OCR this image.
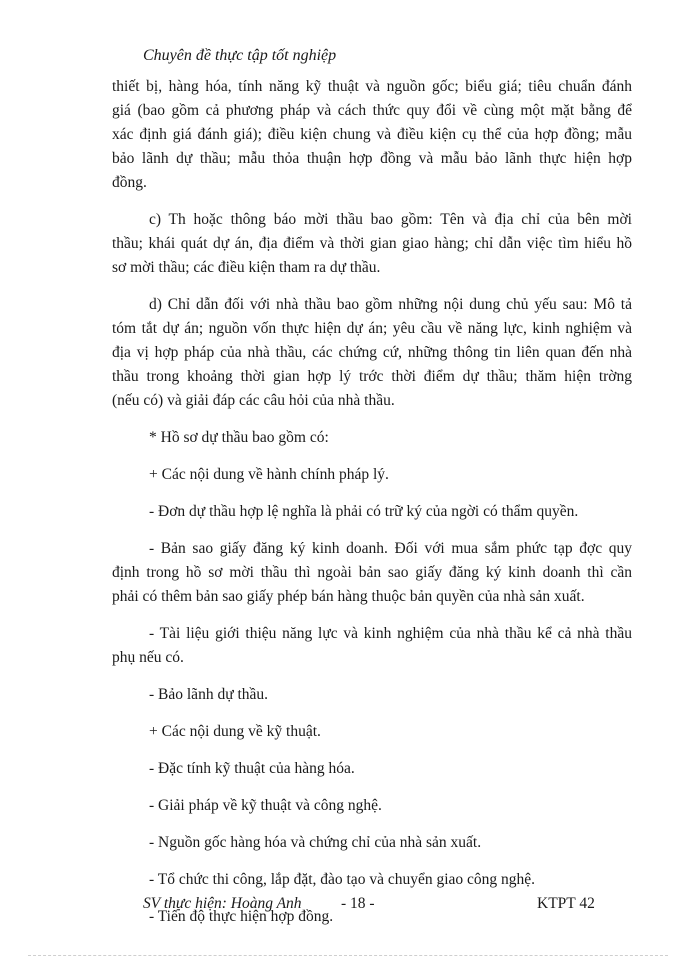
Chuyên đề thực tập tốt nghiệp

thiết bị, hàng hóa, tính năng kỹ thuật và nguồn gốc; biểu giá; tiêu chuẩn đánh
giá (bao gồm cả phương pháp và cách thức quy đổi về cùng một mặt bằng để
xác định giá đánh giá); điều kiện chung và điều kiện cụ thể của hợp đồng; mẫu
bảo lãnh dự thầu; mẫu thỏa thuận hợp đồng và mẫu bảo lãnh thực hiện hợp
đồng.

c) Th hoặc thông báo mời thầu bao gồm: Tên và địa chỉ của bên mời
thầu; khái quát dự án, địa điểm và thời gian giao hàng; chỉ dẫn việc tìm hiểu hồ
sơ mời thầu; các điều kiện tham ra dự thầu.

d) Chỉ dẫn đối với nhà thầu bao gồm những nội dung chủ yếu sau: Mô tả
tóm tắt dự án; nguồn vốn thực hiện dự án; yêu cầu về năng lực, kinh nghiệm và
địa vị hợp pháp của nhà thầu, các chứng cứ, những thông tin liên quan đến nhà
thầu trong khoảng thời gian hợp lý trớc thời điểm dự thầu; thăm hiện trờng
(nếu có) và giải đáp các câu hỏi của nhà thầu.

* Hồ sơ dự thầu bao gồm có:

+ Các nội dung về hành chính pháp lý.

- Đơn dự thầu hợp lệ nghĩa là phải có trữ ký của ngời có thẩm quyền.

- Bản sao giấy đăng ký kinh doanh. Đối với mua sắm phức tạp đợc quy
định trong hồ sơ mời thầu thì ngoài bản sao giấy đăng ký kinh doanh thì cần
phải có thêm bản sao giấy phép bán hàng thuộc bản quyền của nhà sản xuất.

- Tài liệu giới thiệu năng lực và kinh nghiệm của nhà thầu kể cả nhà thầu
phụ nếu có.

- Bảo lãnh dự thầu.

+ Các nội dung về kỹ thuật.

- Đặc tính kỹ thuật của hàng hóa.

- Giải pháp về kỹ thuật và công nghệ.

- Nguồn gốc hàng hóa và chứng chỉ của nhà sản xuất.

- Tổ chức thi công, lắp đặt, đào tạo và chuyển giao công nghệ.

- Tiến độ thực hiện hợp đồng.

SV thực hiện: Hoàng Anh	- 18 -	KTPT 42
